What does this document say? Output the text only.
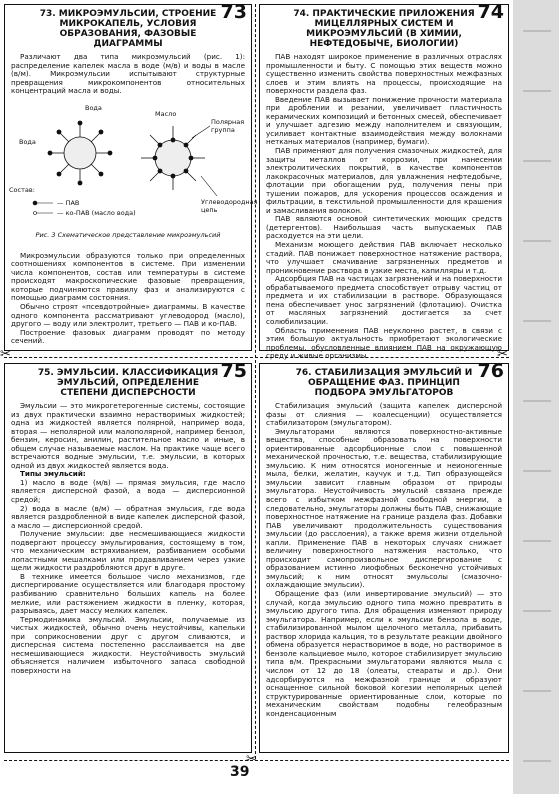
73. МИКРОЭМУЛЬСИИ, СТРОЕНИЕ МИКРОКАПЕЛЬ, УСЛОВИЯ ОБРАЗОВАНИЯ, ФАЗОВЫЕ ДИАГРАММЫ
73

Различают два типа микроэмульсий (рис. 1): распределение капелек масла в воде (м/в) и воды в масле (в/м). Микроэмульсии испытывают структурные превращения микрокомпонентов относительных концентраций масла и воды.

Вода
Масло
Полярная группа
Вода
Углеводородная цепь
Состав:
— ПАВ
— ко-ПАВ (масло вода)
Рис. 3 Схематическое представление микроэмульсий

Микроэмульсии образуются только при определенных соотношениях компонентов в системе. При изменении числа компонентов, состав или температуры в системе происходят макроскопические фазовые превращения, которые подчиняются правилу фаз и анализируются с помощью диаграмм состояния.

Обычно строят «псевдотройные» диаграммы. В качестве одного компонента рассматривают углеводород (масло), другого — воду или электролит, третьего — ПАВ и ко-ПАВ.

Построение фазовых диаграмм проводят по методу сечений.

74. ПРАКТИЧЕСКИЕ ПРИЛОЖЕНИЯ МИЦЕЛЛЯРНЫХ СИСТЕМ И МИКРОЭМУЛЬСИЙ (В ХИМИИ, НЕФТЕДОБЫЧЕ, БИОЛОГИИ)
74

ПАВ находят широкое применение в различных отраслях промышленности и быту. С помощью этих веществ можно существенно изменить свойства поверхностных межфазных слоев и этим влиять на процессы, происходящие на поверхности раздела фаз.

Введение ПАВ вызывает понижение прочности материала при дроблении и резании, увеличивает пластичность керамических композиций и бетонных смесей, обеспечивает и улучшает адгезию между наполнителем и связующим, усиливает контактные взаимодействия между волокнами нетканых материалов (например, бумаги).

ПАВ применяют для получения смазочных жидкостей, для защиты металлов от коррозии, при нанесении электролитических покрытий, в качестве компонентов лакокрасочных материалов, для увлажнения нефтедобыче, флотации при обогащении руд, получения пены при тушении пожаров, для ускорения процессов осаждения и фильтрации, в текстильной промышленности для крашения и замасливания волокон.

ПАВ являются основой синтетических моющих средств (детергентов). Наибольшая часть выпускаемых ПАВ расходуется на эти цели.

Механизм моющего действия ПАВ включает несколько стадий. ПАВ понижает поверхностное натяжение раствора, что улучшает смачивание загрязненных предметов и проникновение раствора в узкие места, капилляры и т.д.

Адсорбция ПАВ на частицах загрязнений и на поверхности обрабатываемого предмета способствует отрыву частиц от предмета и их стабилизации в растворе. Образующаяся пена обеспечивает унос загрязнений (флотацию). Очистка от масляных загрязнений достигается за счет солюбилизации.

Область применения ПАВ неуклонно растет, в связи с этим большую актуальность приобретают экологические проблемы, обусловленные влиянием ПАВ на окружающую среду и живые организмы.

✂	✂
75. ЭМУЛЬСИИ. КЛАССИФИКАЦИЯ ЭМУЛЬСИЙ, ОПРЕДЕЛЕНИЕ СТЕПЕНИ ДИСПЕРСНОСТИ
75

Эмульсии — это микрогетерогенные системы, состоящие из двух практически взаимно нерастворимых жидкостей; одна из жидкостей является полярной, например вода, вторая — неполярной или малополярной, например бензол, бензин, керосин, анилин, растительное масло и иные, в общем случае называемые маслом. На практике чаще всего встречаются водные эмульсии, т.е. эмульсии, в которых одной из двух жидкостей является вода.

Типы эмульсий:

1) масло в воде (м/в) — прямая эмульсия, где масло является дисперсной фазой, а вода — дисперсионной средой;

2) вода в масле (в/м) — обратная эмульсия, где вода является раздробленной в виде капелек дисперсной фазой, а масло — дисперсионной средой.

Получение эмульсии: две несмешивающиеся жидкости подвергают процессу эмульгирования, состоящему в том, что механическим встряхиванием, разбиванием особыми лопастными мешалками или продавливанием через узкие щели жидкости раздробляются друг в друге.

В технике имеется большое число механизмов, где диспергирование осуществляется или благодаря простому разбиванию сравнительно больших капель на более мелкие, или растяжением жидкости в пленку, которая, разрываясь, дает массу мелких капелек.

Термодинамика эмульсий. Эмульсии, получаемые из чистых жидкостей, обычно очень неустойчивы, капельки при соприкосновении друг с другом сливаются, и дисперсная система постепенно расслаивается на две несмешивающиеся жидкости. Неустойчивость эмульсий объясняется наличием избыточного запаса свободной поверхности на

76. СТАБИЛИЗАЦИЯ ЭМУЛЬСИЙ И ОБРАЩЕНИЕ ФАЗ. ПРИНЦИП ПОДБОРА ЭМУЛЬГАТОРОВ
76

Стабилизация эмульсий (защита капелек дисперсной фазы от слияния — коалесценции) осуществляется стабилизатором (эмульгатором).

Эмульгаторами являются поверхностно-активные вещества, способные образовать на поверхности ориентированные адсорбционные слои с повышенной механической прочностью, т.е. вещества, стабилизирующие эмульсию. К ним относятся ионогенные и неионогенные мыла, белки, желатин, каучук и т.д. Тип образующейся эмульсии зависит главным образом от природы эмульгатора. Неустойчивость эмульсий связана прежде всего с избытком межфазной свободной энергии, а следовательно, эмульгаторы должны быть ПАВ, снижающие поверхностное натяжение на границе раздела фаз. Добавки ПАВ увеличивают продолжительность существования эмульсии (до расслоения), а также время жизни отдельной капли. Применение ПАВ в некоторых случаях снижает величину поверхностного натяжения настолько, что происходит самопроизвольное диспергирование с образованием истинно лиофобных бесконечно устойчивых эмульсий; к ним относят эмульсолы (смазочно-охлаждающие эмульсии).

Обращение фаз (или инвертирование эмульсий) — это случай, когда эмульсию одного типа можно превратить в эмульсию другого типа. Для обращения изменяют природу эмульгатора. Например, если к эмульсии бензола в воде, стабилизированной мылом щелочного металла, прибавить раствор хлорида кальция, то в результате реакции двойного обмена образуется нерастворимое в воде, но растворимое в бензоле кальциевое мыло, которое стабилизирует эмульсию типа в/м. Прекрасными эмульгаторами являются мыла с числом от 12 до 18 (олеаты, стеараты и др.). Они адсорбируются на межфазной границе и образуют оснащенное сильной боковой когезии неполярных цепей структурированные ориентированные слои, которые по механическим свойствам подобны гелеобразным конденсационным

✂
39
